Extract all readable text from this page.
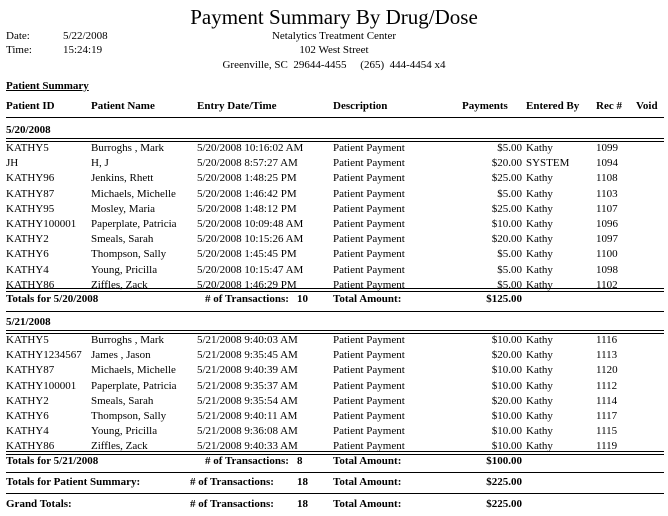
Payment Summary By Drug/Dose
Date:	5/22/2008
Time:	15:24:19
Netalytics Treatment Center
102 West Street
Greenville, SC  29644-4455     (265)  444-4454 x4
Patient Summary
Patient ID	Patient Name	Entry Date/Time	Description	Payments Entered By Rec # Void
5/20/2008
KATHY5	Burroghs , Mark	5/20/2008 10:16:02 AM	Patient Payment	$5.00 Kathy	1099
JH	H, J	5/20/2008 8:57:27 AM	Patient Payment	$20.00 SYSTEM 1094
KATHY96	Jenkins, Rhett	5/20/2008 1:48:25 PM	Patient Payment	$25.00 Kathy	1108
KATHY87	Michaels, Michelle 5/20/2008 1:46:42 PM	Patient Payment	$5.00 Kathy	1103
KATHY95	Mosley, Maria	5/20/2008 1:48:12 PM	Patient Payment	$25.00 Kathy	1107
KATHY100001 Paperplate, Patricia 5/20/2008 10:09:48 AM	Patient Payment	$10.00 Kathy	1096
KATHY2	Smeals, Sarah	5/20/2008 10:15:26 AM	Patient Payment	$20.00 Kathy	1097
KATHY6	Thompson, Sally	5/20/2008 1:45:45 PM	Patient Payment	$5.00 Kathy	1100
KATHY4	Young, Pricilla	5/20/2008 10:15:47 AM	Patient Payment	$5.00 Kathy	1098
KATHY86	Ziffles, Zack	5/20/2008 1:46:29 PM	Patient Payment	$5.00 Kathy	1102
Totals for 5/20/2008	# of Transactions: 10 Total Amount:	$125.00
5/21/2008
KATHY5	Burroghs , Mark	5/21/2008 9:40:03 AM	Patient Payment	$10.00 Kathy	1116
KATHY1234567 James , Jason	5/21/2008 9:35:45 AM	Patient Payment	$20.00 Kathy	1113
KATHY87	Michaels, Michelle 5/21/2008 9:40:39 AM	Patient Payment	$10.00 Kathy	1120
KATHY100001 Paperplate, Patricia 5/21/2008 9:35:37 AM	Patient Payment	$10.00 Kathy	1112
KATHY2	Smeals, Sarah	5/21/2008 9:35:54 AM	Patient Payment	$20.00 Kathy	1114
KATHY6	Thompson, Sally	5/21/2008 9:40:11 AM	Patient Payment	$10.00 Kathy	1117
KATHY4	Young, Pricilla	5/21/2008 9:36:08 AM	Patient Payment	$10.00 Kathy	1115
KATHY86	Ziffles, Zack	5/21/2008 9:40:33 AM	Patient Payment	$10.00 Kathy	1119
Totals for 5/21/2008	# of Transactions: 8	Total Amount:	$100.00
Totals for Patient Summary:	# of Transactions: 18 Total Amount:	$225.00
Grand Totals:	# of Transactions: 18 Total Amount:	$225.00
